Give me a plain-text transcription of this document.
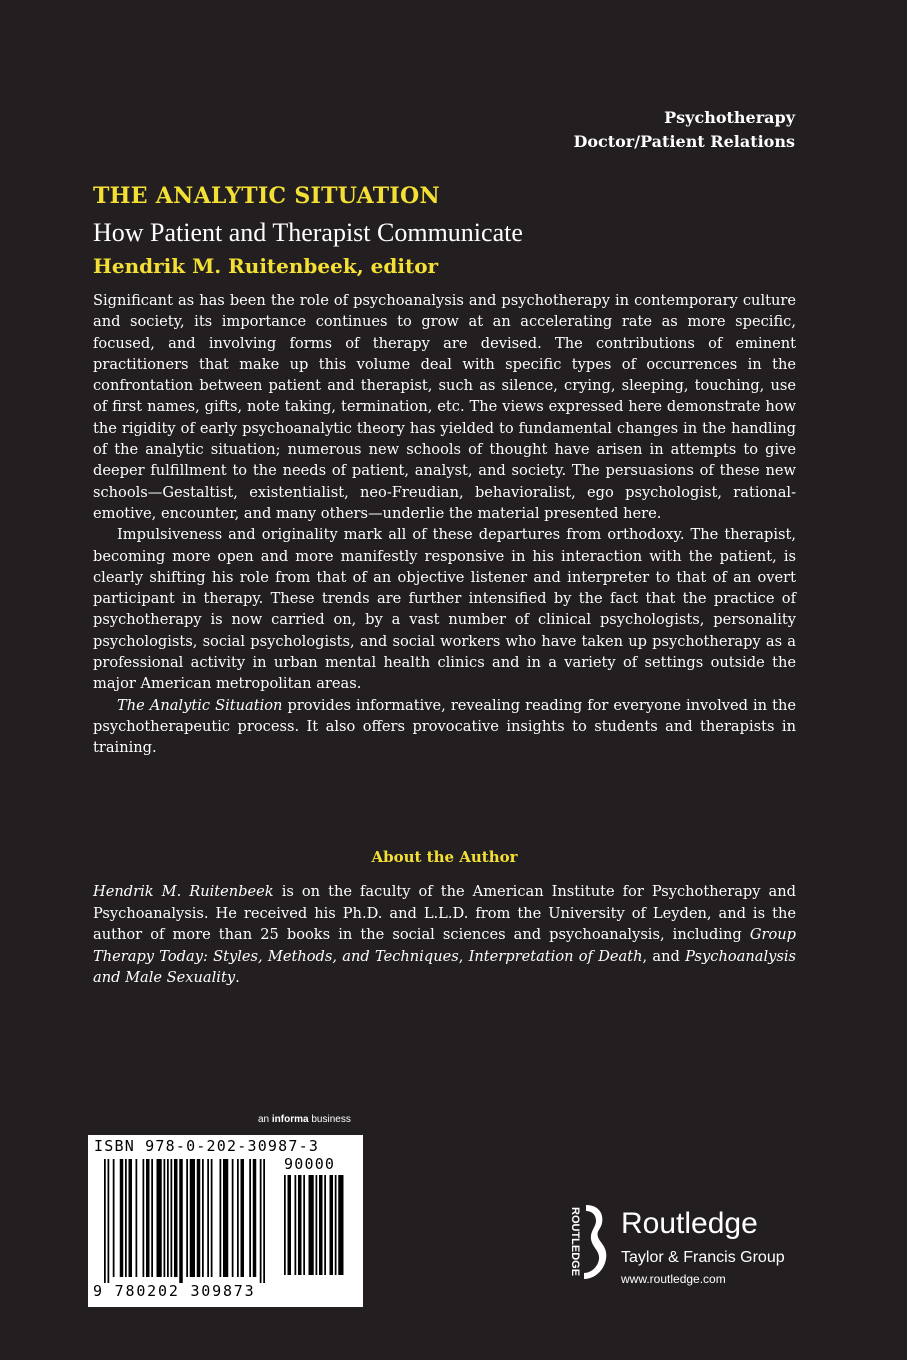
Psychotherapy
Doctor/Patient Relations
THE ANALYTIC SITUATION
How Patient and Therapist Communicate
Hendrik M. Ruitenbeek, editor

Significant as has been the role of psychoanalysis and psychotherapy in contemporary culture and society, its importance continues to grow at an accelerating rate as more specific, focused, and involving forms of therapy are devised. The contributions of eminent practitioners that make up this volume deal with specific types of occurrences in the confrontation between patient and therapist, such as silence, crying, sleeping, touching, use of first names, gifts, note taking, termination, etc. The views expressed here demonstrate how the rigidity of early psychoanalytic theory has yielded to fundamental changes in the handling of the analytic situation; numerous new schools of thought have arisen in attempts to give deeper fulfillment to the needs of patient, analyst, and society. The persuasions of these new schools—Gestaltist, existentialist, neo-Freudian, behavioralist, ego psychologist, rational-emotive, encounter, and many others—underlie the material presented here.

Impulsiveness and originality mark all of these departures from orthodoxy. The therapist, becoming more open and more manifestly responsive in his interaction with the patient, is clearly shifting his role from that of an objective listener and interpreter to that of an overt participant in therapy. These trends are further intensified by the fact that the practice of psychotherapy is now carried on, by a vast number of clinical psychologists, personality psychologists, social psychologists, and social workers who have taken up psychotherapy as a professional activity in urban mental health clinics and in a variety of settings outside the major American metropolitan areas.

The Analytic Situation provides informative, revealing reading for everyone involved in the psychotherapeutic process. It also offers provocative insights to students and therapists in training.

About the Author

Hendrik M. Ruitenbeek is on the faculty of the American Institute for Psychotherapy and Psychoanalysis. He received his Ph.D. and L.L.D. from the University of Leyden, and is the author of more than 25 books in the social sciences and psychoanalysis, including Group Therapy Today: Styles, Methods, and Techniques, Interpretation of Death, and Psychoanalysis and Male Sexuality.

an informa business
ISBN 978-0-202-30987-3
90000
9 780202 309873
ROUTLEDGE Routledge
Taylor & Francis Group
www.routledge.com
